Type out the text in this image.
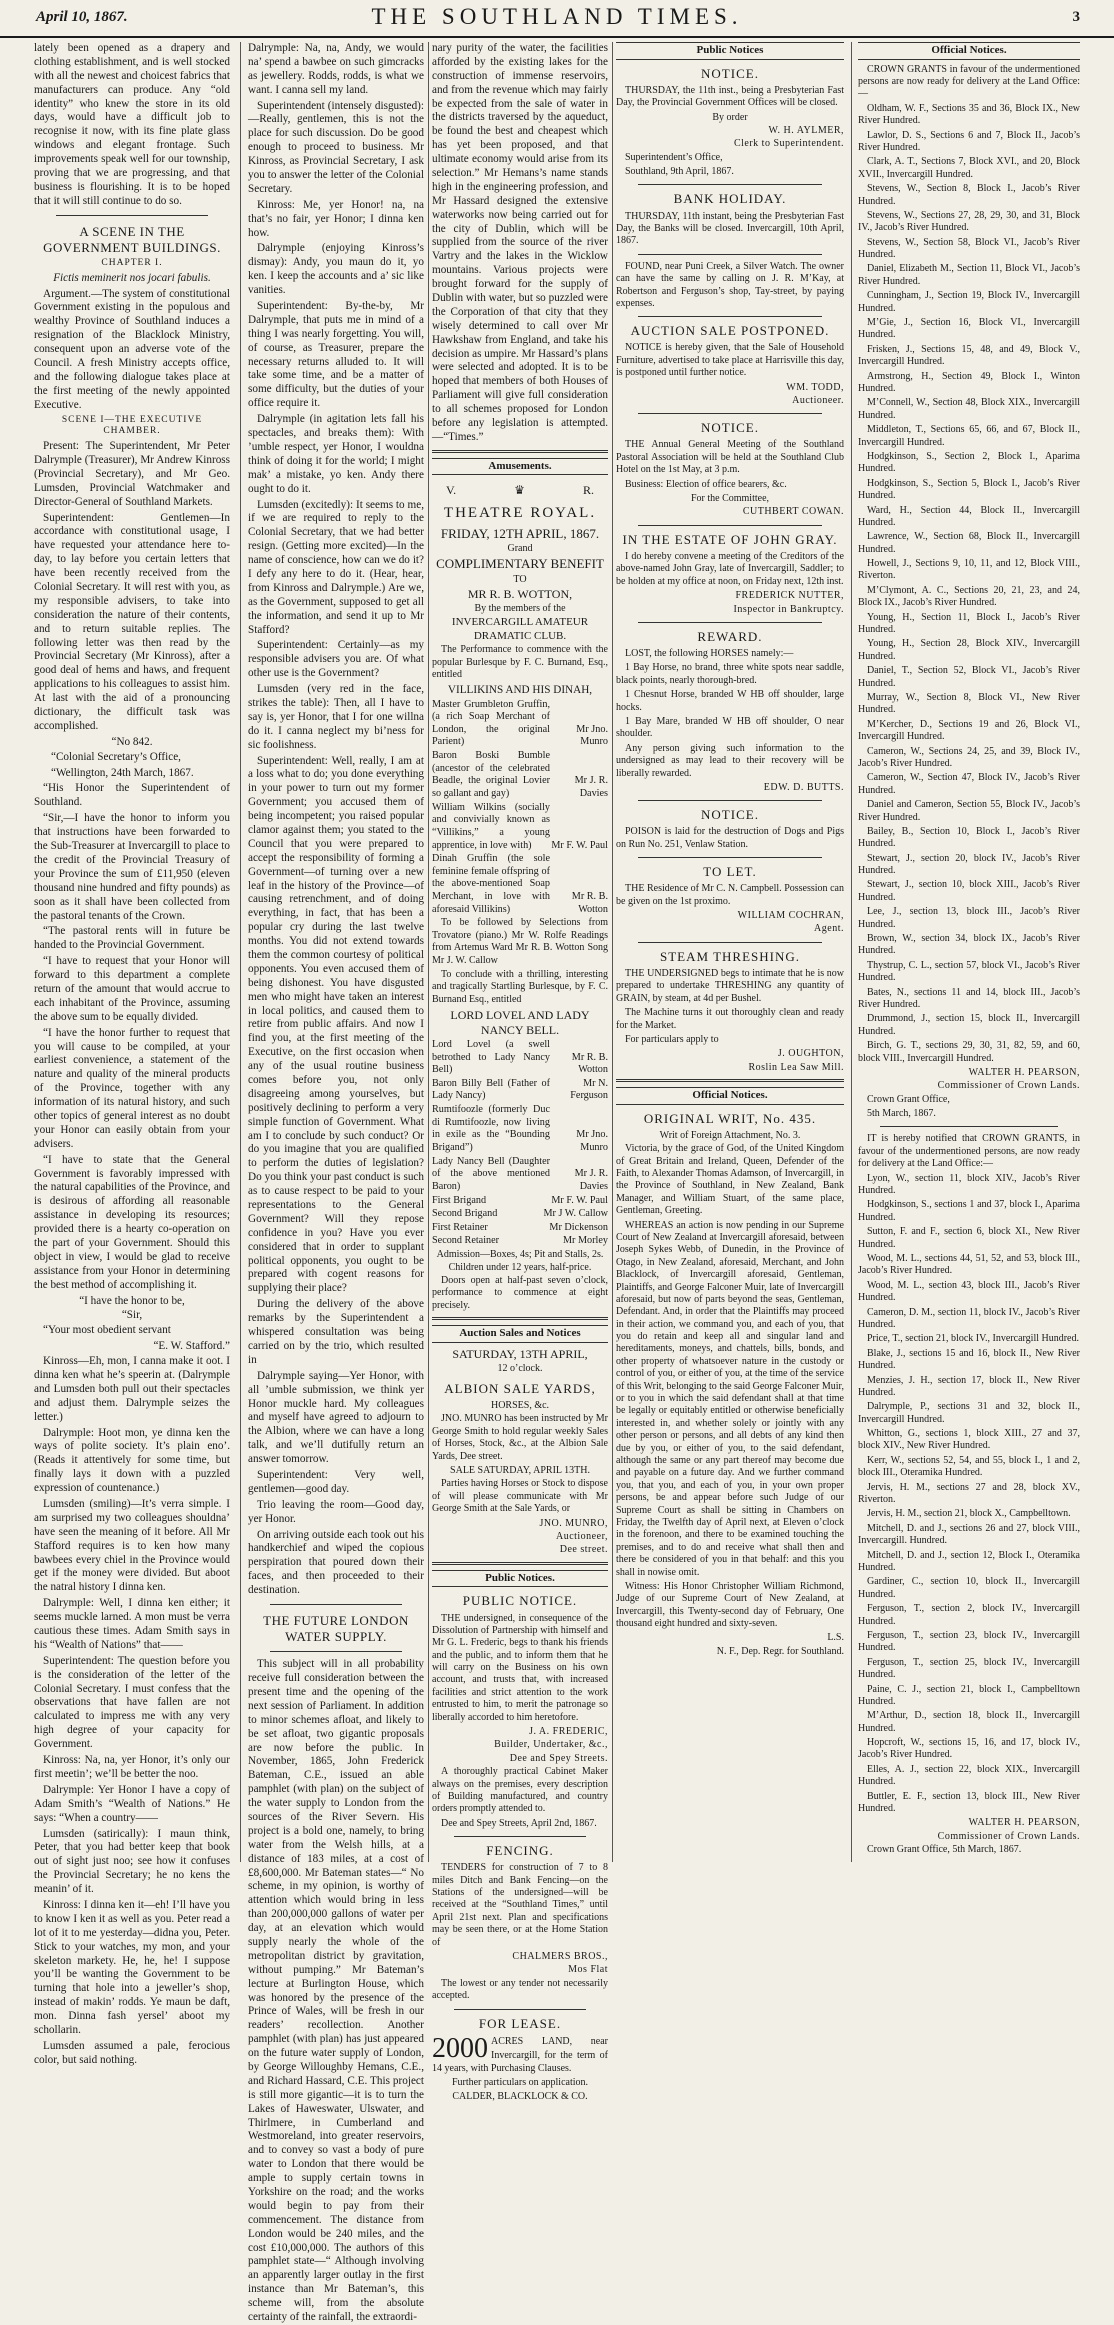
April 10, 1867.	THE SOUTHLAND TIMES.	3

lately been opened as a drapery and clothing establishment, and is well stocked with all the newest and choicest fabrics that manufacturers can produce. Any “old identity” who knew the store in its old days, would have a difficult job to recognise it now, with its fine plate glass windows and elegant frontage. Such improvements speak well for our township, proving that we are progressing, and that business is flourishing. It is to be hoped that it will still continue to do so.

A SCENE IN THE GOVERNMENT BUILDINGS.
CHAPTER I.
Fictis meminerit nos jocari fabulis.

Argument.—The system of constitutional Government existing in the populous and wealthy Province of Southland induces a resignation of the Blacklock Ministry, consequent upon an adverse vote of the Council. A fresh Ministry accepts office, and the following dialogue takes place at the first meeting of the newly appointed Executive.

SCENE I—THE EXECUTIVE CHAMBER.

Present: The Superintendent, Mr Peter Dalrymple (Treasurer), Mr Andrew Kinross (Provincial Secretary), and Mr Geo. Lumsden, Provincial Watchmaker and Director-General of Southland Markets.

Superintendent: Gentlemen—In accordance with constitutional usage, I have requested your attendance here to-day, to lay before you certain letters that have been recently received from the Colonial Secretary. It will rest with you, as my responsible advisers, to take into consideration the nature of their contents, and to return suitable replies. The following letter was then read by the Provincial Secretary (Mr Kinross), after a good deal of hems and haws, and frequent applications to his colleagues to assist him. At last with the aid of a pronouncing dictionary, the difficult task was accomplished.

“No 842.

“Colonial Secretary’s Office,

“Wellington, 24th March, 1867.

“His Honor the Superintendent of Southland.

“Sir,—I have the honor to inform you that instructions have been forwarded to the Sub-Treasurer at Invercargill to place to the credit of the Provincial Treasury of your Province the sum of £11,950 (eleven thousand nine hundred and fifty pounds) as soon as it shall have been collected from the pastoral tenants of the Crown.

“The pastoral rents will in future be handed to the Provincial Government.

“I have to request that your Honor will forward to this department a complete return of the amount that would accrue to each inhabitant of the Province, assuming the above sum to be equally divided.

“I have the honor further to request that you will cause to be compiled, at your earliest convenience, a statement of the nature and quality of the mineral products of the Province, together with any information of its natural history, and such other topics of general interest as no doubt your Honor can easily obtain from your advisers.

“I have to state that the General Government is favorably impressed with the natural capabilities of the Province, and is desirous of affording all reasonable assistance in developing its resources; provided there is a hearty co-operation on the part of your Government. Should this object in view, I would be glad to receive assistance from your Honor in determining the best method of accomplishing it.

“I have the honor to be,

“Sir,

“Your most obedient servant

“E. W. Stafford.”

Kinross—Eh, mon, I canna make it oot. I dinna ken what he’s speerin at. (Dalrymple and Lumsden both pull out their spectacles and adjust them. Dalrymple seizes the letter.)

Dalrymple: Hoot mon, ye dinna ken the ways of polite society. It’s plain eno’. (Reads it attentively for some time, but finally lays it down with a puzzled expression of countenance.)

Lumsden (smiling)—It’s verra simple. I am surprised my two colleagues shouldna’ have seen the meaning of it before. All Mr Stafford requires is to ken how many bawbees every chiel in the Province would get if the money were divided. But aboot the natral history I dinna ken.

Dalrymple: Well, I dinna ken either; it seems muckle larned. A mon must be verra cautious these times. Adam Smith says in his “Wealth of Nations” that——

Superintendent: The question before you is the consideration of the letter of the Colonial Secretary. I must confess that the observations that have fallen are not calculated to impress me with any very high degree of your capacity for Government.

Kinross: Na, na, yer Honor, it’s only our first meetin’; we’ll be better the noo.

Dalrymple: Yer Honor I have a copy of Adam Smith’s “Wealth of Nations.” He says: “When a country——

Lumsden (satirically): I maun think, Peter, that you had better keep that book out of sight just noo; see how it confuses the Provincial Secretary; he no kens the meanin’ of it.

Kinross: I dinna ken it—eh! I’ll have you to know I ken it as well as you. Peter read a lot of it to me yesterday—didna you, Peter. Stick to your watches, my mon, and your skeleton markety. He, he, he! I suppose you’ll be wanting the Government to be turning that hole into a jeweller’s shop, instead of makin’ rodds. Ye maun be daft, mon. Dinna fash yersel’ aboot my schollarin.

Lumsden assumed a pale, ferocious color, but said nothing.

Dalrymple: Na, na, Andy, we would na’ spend a bawbee on such gimcracks as jewellery. Rodds, rodds, is what we want. I canna sell my land.

Superintendent (intensely disgusted): —Really, gentlemen, this is not the place for such discussion. Do be good enough to proceed to business. Mr Kinross, as Provincial Secretary, I ask you to answer the letter of the Colonial Secretary.

Kinross: Me, yer Honor! na, na that’s no fair, yer Honor; I dinna ken how.

Dalrymple (enjoying Kinross’s dismay): Andy, you maun do it, yo ken. I keep the accounts and a’ sic like vanities.

Superintendent: By-the-by, Mr Dalrymple, that puts me in mind of a thing I was nearly forgetting. You will, of course, as Treasurer, prepare the necessary returns alluded to. It will take some time, and be a matter of some difficulty, but the duties of your office require it.

Dalrymple (in agitation lets fall his spectacles, and breaks them): With ’umble respect, yer Honor, I wouldna think of doing it for the world; I might mak’ a mistake, yo ken. Andy there ought to do it.

Lumsden (excitedly): It seems to me, if we are required to reply to the Colonial Secretary, that we had better resign. (Getting more excited)—In the name of conscience, how can we do it? I defy any here to do it. (Hear, hear, from Kinross and Dalrymple.) Are we, as the Government, supposed to get all the information, and send it up to Mr Stafford?

Superintendent: Certainly—as my responsible advisers you are. Of what other use is the Government?

Lumsden (very red in the face, strikes the table): Then, all I have to say is, yer Honor, that I for one willna do it. I canna neglect my bi’ness for sic foolishness.

Superintendent: Well, really, I am at a loss what to do; you done everything in your power to turn out my former Government; you accused them of being incompetent; you raised popular clamor against them; you stated to the Council that you were prepared to accept the responsibility of forming a Government—of turning over a new leaf in the history of the Province—of causing retrenchment, and of doing everything, in fact, that has been a popular cry during the last twelve months. You did not extend towards them the common courtesy of political opponents. You even accused them of being dishonest. You have disgusted men who might have taken an interest in local politics, and caused them to retire from public affairs. And now I find you, at the first meeting of the Executive, on the first occasion when any of the usual routine business comes before you, not only disagreeing among yourselves, but positively declining to perform a very simple function of Government. What am I to conclude by such conduct? Or do you imagine that you are qualified to perform the duties of legislation? Do you think your past conduct is such as to cause respect to be paid to your representations to the General Government? Will they repose confidence in you? Have you ever considered that in order to supplant political opponents, you ought to be prepared with cogent reasons for supplying their place?

During the delivery of the above remarks by the Superintendent a whispered consultation was being carried on by the trio, which resulted in

Dalrymple saying—Yer Honor, with all ’umble submission, we think yer Honor muckle hard. My colleagues and myself have agreed to adjourn to the Albion, where we can have a long talk, and we’ll dutifully return an answer tomorrow.

Superintendent: Very well, gentlemen—good day.

Trio leaving the room—Good day, yer Honor.

On arriving outside each took out his handkerchief and wiped the copious perspiration that poured down their faces, and then proceeded to their destination.

THE FUTURE LONDON WATER SUPPLY.

This subject will in all probability receive full consideration between the present time and the opening of the next session of Parliament. In addition to minor schemes afloat, and likely to be set afloat, two gigantic proposals are now before the public. In November, 1865, John Frederick Bateman, C.E., issued an able pamphlet (with plan) on the subject of the water supply to London from the sources of the River Severn. His project is a bold one, namely, to bring water from the Welsh hills, at a distance of 183 miles, at a cost of £8,600,000. Mr Bateman states—“ No scheme, in my opinion, is worthy of attention which would bring in less than 200,000,000 gallons of water per day, at an elevation which would supply nearly the whole of the metropolitan district by gravitation, without pumping.” Mr Bateman’s lecture at Burlington House, which was honored by the presence of the Prince of Wales, will be fresh in our readers’ recollection. Another pamphlet (with plan) has just appeared on the future water supply of London, by George Willoughby Hemans, C.E., and Richard Hassard, C.E. This project is still more gigantic—it is to turn the Lakes of Haweswater, Ulswater, and Thirlmere, in Cumberland and Westmoreland, into greater reservoirs, and to convey so vast a body of pure water to London that there would be ample to supply certain towns in Yorkshire on the road; and the works would begin to pay from their commencement. The distance from London would be 240 miles, and the cost £10,000,000. The authors of this pamphlet state—“ Although involving an apparently larger outlay in the first instance than Mr Bateman’s, this scheme will, from the absolute certainty of the rainfall, the extraordi-

nary purity of the water, the facilities afforded by the existing lakes for the construction of immense reservoirs, and from the revenue which may fairly be expected from the sale of water in the districts traversed by the aqueduct, be found the best and cheapest which has yet been proposed, and that ultimate economy would arise from its selection.” Mr Hemans’s name stands high in the engineering profession, and Mr Hassard designed the extensive waterworks now being carried out for the city of Dublin, which will be supplied from the source of the river Vartry and the lakes in the Wicklow mountains. Various projects were brought forward for the supply of Dublin with water, but so puzzled were the Corporation of that city that they wisely determined to call over Mr Hawkshaw from England, and take his decision as umpire. Mr Hassard’s plans were selected and adopted. It is to be hoped that members of both Houses of Parliament will give full consideration to all schemes proposed for London before any legislation is attempted.—“Times.”

Amusements.
V.	♛	R.
THEATRE ROYAL.
FRIDAY, 12TH APRIL, 1867.
Grand
COMPLIMENTARY BENEFIT
TO
MR R. B. WOTTON,
By the members of the
INVERCARGILL AMATEUR DRAMATIC CLUB.

The Performance to commence with the popular Burlesque by F. C. Burnand, Esq., entitled

VILLIKINS AND HIS DINAH,
Master Grumbleton Gruffin, (a rich Soap Merchant of London, the original Parient)
Mr Jno. Munro
Baron Boski Bumble (ancestor of the celebrated Beadle, the original Lovier so gallant and gay)
Mr J. R. Davies
William Wilkins (socially and convivially known as “Villikins,” a young apprentice, in love with)	Mr F. W. Paul
Dinah Gruffin (the sole feminine female offspring of the above-mentioned Soap Merchant, in love with aforesaid Villikins)
Mr R. B. Wotton

To be followed by Selections from Trovatore (piano.) Mr W. Rolfe Readings from Artemus Ward Mr R. B. Wotton Song Mr J. W. Callow

To conclude with a thrilling, interesting and tragically Startling Burlesque, by F. C. Burnand Esq., entitled

LORD LOVEL AND LADY NANCY BELL.
Lord Lovel (a swell betrothed to Lady Nancy Bell)
Mr R. B. Wotton
Baron Billy Bell (Father of Lady Nancy)
Mr N. Ferguson
Rumtifoozle (formerly Duc di Rumtifoozle, now living in exile as the “Bounding Brigand”)
Mr Jno. Munro
Lady Nancy Bell (Daughter of the above mentioned Baron)
Mr J. R. Davies
First Brigand	Mr F. W. Paul
Second Brigand	Mr J W. Callow
First Retainer	Mr Dickenson
Second Retainer	Mr Morley

Admission—Boxes, 4s; Pit and Stalls, 2s. Children under 12 years, half-price.

Doors open at half-past seven o’clock, performance to commence at eight precisely.

Auction Sales and Notices
SATURDAY, 13TH APRIL,
12 o’clock.
ALBION SALE YARDS,
HORSES, &c.

JNO. MUNRO has been instructed by Mr George Smith to hold regular weekly Sales of Horses, Stock, &c., at the Albion Sale Yards, Dee street.

SALE SATURDAY, APRIL 13TH.

Parties having Horses or Stock to dispose of will please communicate with Mr George Smith at the Sale Yards, or

JNO. MUNRO,

Auctioneer,

Dee street.

Public Notices.
PUBLIC NOTICE.

THE undersigned, in consequence of the Dissolution of Partnership with himself and Mr G. L. Frederic, begs to thank his friends and the public, and to inform them that he will carry on the Business on his own account, and trusts that, with increased facilities and strict attention to the work entrusted to him, to merit the patronage so liberally accorded to him heretofore.

J. A. FREDERIC,

Builder, Undertaker, &c.,

Dee and Spey Streets.

A thoroughly practical Cabinet Maker always on the premises, every description of Building manufactured, and country orders promptly attended to.

Dee and Spey Streets, April 2nd, 1867.

FENCING.

TENDERS for construction of 7 to 8 miles Ditch and Bank Fencing—on the Stations of the undersigned—will be received at the “Southland Times,” until April 21st next. Plan and specifications may be seen there, or at the Home Station of

CHALMERS BROS.,

Mos Flat

The lowest or any tender not necessarily accepted.

FOR LEASE.
2000 ACRES LAND, near Invercargill, for the term of 14 years, with Purchasing Clauses.

Further particulars on application.

CALDER, BLACKLOCK & CO.

Public Notices
NOTICE.

THURSDAY, the 11th inst., being a Presbyterian Fast Day, the Provincial Government Offices will be closed.

By order

W. H. AYLMER,

Clerk to Superintendent.

Superintendent’s Office,

Southland, 9th April, 1867.

BANK HOLIDAY.

THURSDAY, 11th instant, being the Presbyterian Fast Day, the Banks will be closed. Invercargill, 10th April, 1867.

FOUND, near Puni Creek, a Silver Watch. The owner can have the same by calling on J. R. M’Kay, at Robertson and Ferguson’s shop, Tay-street, by paying expenses.

AUCTION SALE POSTPONED.

NOTICE is hereby given, that the Sale of Household Furniture, advertised to take place at Harrisville this day, is postponed until further notice.

WM. TODD,

Auctioneer.

NOTICE.

THE Annual General Meeting of the Southland Pastoral Association will be held at the Southland Club Hotel on the 1st May, at 3 p.m.

Business: Election of office bearers, &c.

For the Committee,

CUTHBERT COWAN.

IN THE ESTATE OF JOHN GRAY.

I do hereby convene a meeting of the Creditors of the above-named John Gray, late of Invercargill, Saddler; to be holden at my office at noon, on Friday next, 12th inst.

FREDERICK NUTTER,

Inspector in Bankruptcy.

REWARD.

LOST, the following HORSES namely:—

1 Bay Horse, no brand, three white spots near saddle, black points, nearly thorough-bred.

1 Chesnut Horse, branded W HB off shoulder, large hocks.

1 Bay Mare, branded W HB off shoulder, O near shoulder.

Any person giving such information to the undersigned as may lead to their recovery will be liberally rewarded.

EDW. D. BUTTS.

NOTICE.

POISON is laid for the destruction of Dogs and Pigs on Run No. 251, Venlaw Station.

TO LET.

THE Residence of Mr C. N. Campbell. Possession can be given on the 1st proximo.

WILLIAM COCHRAN,

Agent.

STEAM THRESHING.

THE UNDERSIGNED begs to intimate that he is now prepared to undertake THRESHING any quantity of GRAIN, by steam, at 4d per Bushel.

The Machine turns it out thoroughly clean and ready for the Market.

For particulars apply to

J. OUGHTON,

Roslin Lea Saw Mill.

Official Notices.
ORIGINAL WRIT, No. 435.

Writ of Foreign Attachment, No. 3.

Victoria, by the grace of God, of the United Kingdom of Great Britain and Ireland, Queen, Defender of the Faith, to Alexander Thomas Adamson, of Invercargill, in the Province of Southland, in New Zealand, Bank Manager, and William Stuart, of the same place, Gentleman, Greeting.

WHEREAS an action is now pending in our Supreme Court of New Zealand at Invercargill aforesaid, between Joseph Sykes Webb, of Dunedin, in the Province of Otago, in New Zealand, aforesaid, Merchant, and John Blacklock, of Invercargill aforesaid, Gentleman, Plaintiffs, and George Falconer Muir, late of Invercargill aforesaid, but now of parts beyond the seas, Gentleman, Defendant. And, in order that the Plaintiffs may proceed in their action, we command you, and each of you, that you do retain and keep all and singular land and hereditaments, moneys, and chattels, bills, bonds, and other property of whatsoever nature in the custody or control of you, or either of you, at the time of the service of this Writ, belonging to the said George Falconer Muir, or to you in which the said defendant shall at that time be legally or equitably entitled or otherwise beneficially interested in, and whether solely or jointly with any other person or persons, and all debts of any kind then due by you, or either of you, to the said defendant, although the same or any part thereof may become due and payable on a future day. And we further command you, that you, and each of you, in your own proper persons, be and appear before such Judge of our Supreme Court as shall be sitting in Chambers on Friday, the Twelfth day of April next, at Eleven o’clock in the forenoon, and there to be examined touching the premises, and to do and receive what shall then and there be considered of you in that behalf: and this you shall in nowise omit.

Witness: His Honor Christopher William Richmond, Judge of our Supreme Court of New Zealand, at Invercargill, this Twenty-second day of February, One thousand eight hundred and sixty-seven.

L.S.

N. F., Dep. Regr. for Southland.

Official Notices.

CROWN GRANTS in favour of the undermentioned persons are now ready for delivery at the Land Office:—

Oldham, W. F., Sections 35 and 36, Block IX., New River Hundred.

Lawlor, D. S., Sections 6 and 7, Block II., Jacob’s River Hundred.

Clark, A. T., Sections 7, Block XVI., and 20, Block XVII., Invercargill Hundred.

Stevens, W., Section 8, Block I., Jacob’s River Hundred.

Stevens, W., Sections 27, 28, 29, 30, and 31, Block IV., Jacob’s River Hundred.

Stevens, W., Section 58, Block VI., Jacob’s River Hundred.

Daniel, Elizabeth M., Section 11, Block VI., Jacob’s River Hundred.

Cunningham, J., Section 19, Block IV., Invercargill Hundred.

M’Gie, J., Section 16, Block VI., Invercargill Hundred.

Frisken, J., Sections 15, 48, and 49, Block V., Invercargill Hundred.

Armstrong, H., Section 49, Block I., Winton Hundred.

M’Connell, W., Section 48, Block XIX., Invercargill Hundred.

Middleton, T., Sections 65, 66, and 67, Block II., Invercargill Hundred.

Hodgkinson, S., Section 2, Block I., Aparima Hundred.

Hodgkinson, S., Section 5, Block I., Jacob’s River Hundred.

Ward, H., Section 44, Block II., Invercargill Hundred.

Lawrence, W., Section 68, Block II., Invercargill Hundred.

Howell, J., Sections 9, 10, 11, and 12, Block VIII., Riverton.

M’Clymont, A. C., Sections 20, 21, 23, and 24, Block IX., Jacob’s River Hundred.

Young, H., Section 11, Block I., Jacob’s River Hundred.

Young, H., Section 28, Block XIV., Invercargill Hundred.

Daniel, T., Section 52, Block VI., Jacob’s River Hundred.

Murray, W., Section 8, Block VI., New River Hundred.

M’Kercher, D., Sections 19 and 26, Block VI., Invercargill Hundred.

Cameron, W., Sections 24, 25, and 39, Block IV., Jacob’s River Hundred.

Cameron, W., Section 47, Block IV., Jacob’s River Hundred.

Daniel and Cameron, Section 55, Block IV., Jacob’s River Hundred.

Bailey, B., Section 10, Block I., Jacob’s River Hundred.

Stewart, J., section 20, block IV., Jacob’s River Hundred.

Stewart, J., section 10, block XIII., Jacob’s River Hundred.

Lee, J., section 13, block III., Jacob’s River Hundred.

Brown, W., section 34, block IX., Jacob’s River Hundred.

Thystrup, C. L., section 57, block VI., Jacob’s River Hundred.

Bates, N., sections 11 and 14, block III., Jacob’s River Hundred.

Drummond, J., section 15, block II., Invercargill Hundred.

Birch, G. T., sections 29, 30, 31, 82, 59, and 60, block VIII., Invercargill Hundred.

WALTER H. PEARSON,

Commissioner of Crown Lands.

Crown Grant Office,

5th March, 1867.

IT is hereby notified that CROWN GRANTS, in favour of the undermentioned persons, are now ready for delivery at the Land Office:—

Lyon, W., section 11, block XIV., Jacob’s River Hundred.

Hodgkinson, S., sections 1 and 37, block I., Aparima Hundred.

Sutton, F. and F., section 6, block XI., New River Hundred.

Wood, M. L., sections 44, 51, 52, and 53, block III., Jacob’s River Hundred.

Wood, M. L., section 43, block III., Jacob’s River Hundred.

Cameron, D. M., section 11, block IV., Jacob’s River Hundred.

Price, T., section 21, block IV., Invercargill Hundred.

Blake, J., sections 15 and 16, block II., New River Hundred.

Menzies, J. H., section 17, block II., New River Hundred.

Dalrymple, P., sections 31 and 32, block II., Invercargill Hundred.

Whitton, G., sections 1, block XIII., 27 and 37, block XIV., New River Hundred.

Kerr, W., sections 52, 54, and 55, block I., 1 and 2, block III., Oteramika Hundred.

Jervis, H. M., sections 27 and 28, block XV., Riverton.

Jervis, H. M., section 21, block X., Campbelltown.

Mitchell, D. and J., sections 26 and 27, block VIII., Invercargill. Hundred.

Mitchell, D. and J., section 12, Block I., Oteramika Hundred.

Gardiner, C., section 10, block II., Invercargill Hundred.

Ferguson, T., section 2, block IV., Invercargill Hundred.

Ferguson, T., section 23, block IV., Invercargill Hundred.

Ferguson, T., section 25, block IV., Invercargill Hundred.

Paine, C. J., section 21, block I., Campbelltown Hundred.

M’Arthur, D., section 18, block II., Invercargill Hundred.

Hopcroft, W., sections 15, 16, and 17, block IV., Jacob’s River Hundred.

Elles, A. J., section 22, block XIX., Invercargill Hundred.

Buttler, E. F., section 13, block III., New River Hundred.

WALTER H. PEARSON,

Commissioner of Crown Lands.

Crown Grant Office, 5th March, 1867.
